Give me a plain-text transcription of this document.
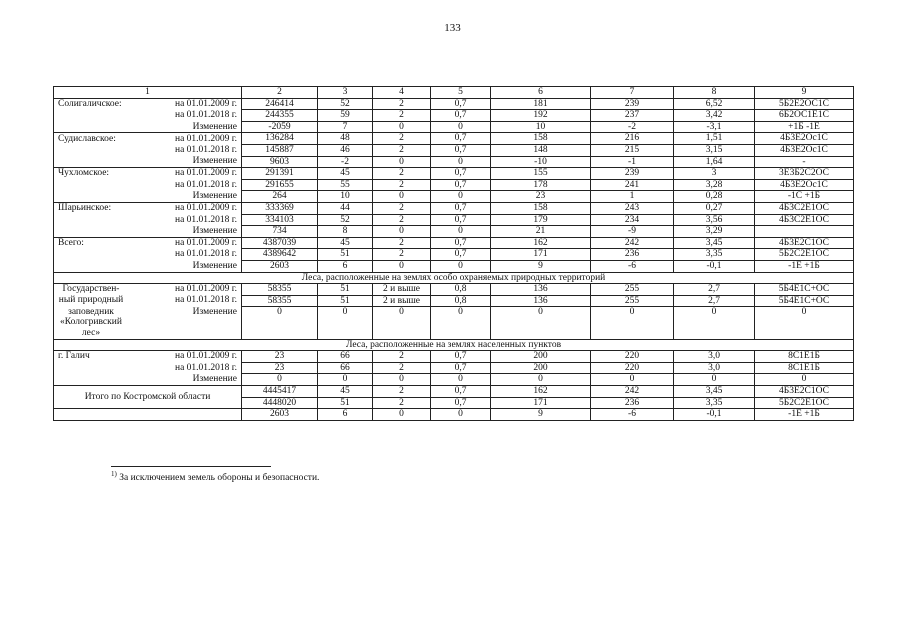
133
1	2	3	4	5	6	7	8	9

Солигаличское: на 01.01.2009 г.	246414	52	2	0,7	181	239	6,52	5Б2Е2ОС1С

на 01.01.2018 г.	244355	59	2	0,7	192	237	3,42	6Б2ОС1Е1С

Изменение	-2059	7	0	0	10	-2	-3,1	+1Б -1Е

Судиславское: на 01.01.2009 г.	136284	48	2	0,7	158	216	1,51	4Б3Е2Ос1С

на 01.01.2018 г.	145887	46	2	0,7	148	215	3,15	4Б3Е2Ос1С

Изменение	9603	-2	0	0	-10	-1	1,64	-

Чухломское: на 01.01.2009 г.	291391	45	2	0,7	155	239	3	3Е3Б2С2ОС

на 01.01.2018 г.	291655	55	2	0,7	178	241	3,28	4Б3Е2Ос1С

Изменение	264	10	0	0	23	1	0,28	-1С +1Б

Шарьинское: на 01.01.2009 г.	333369	44	2	0,7	158	243	0,27	4Б3С2Е1ОС

на 01.01.2018 г.	334103	52	2	0,7	179	234	3,56	4Б3С2Е1ОС

Изменение	734	8	0	0	21	-9	3,29	

Всего: на 01.01.2009 г.	4387039	45	2	0,7	162	242	3,45	4Б3Е2С1ОС

на 01.01.2018 г.	4389642	51	2	0,7	171	236	3,35	5Б2С2Е1ОС

Изменение	2603	6	0	0	9	-6	-0,1	-1Е +1Б
Леса, расположенные на землях особо охраняемых природных территорий								

Государствен- на 01.01.2009 г.	58355	51	2 и выше	0,8	136	255	2,7	5Б4Е1С+ОС

ный природный на 01.01.2018 г.	58355	51	2 и выше	0,8	136	255	2,7	5Б4Е1С+ОС

заповедник
«Кологривский
лес»
Изменение	0	0	0	0	0	0	0	0
Леса, расположенные на землях населенных пунктов								

г. Галич на 01.01.2009 г.	23	66	2	0,7	200	220	3,0	8С1Е1Б

на 01.01.2018 г.	23	66	2	0,7	200	220	3,0	8С1Е1Б

Изменение	0	0	0	0	0	0	0	0
Итого по Костромской области	4445417	45	2	0,7	162	242	3,45	4Б3Е2С1ОС
	4448020	51	2	0,7	171	236	3,35	5Б2С2Е1ОС
	2603	6	0	0	9	-6	-0,1	-1Е +1Б
$^{1)}$ За исключением земель обороны и безопасности.
